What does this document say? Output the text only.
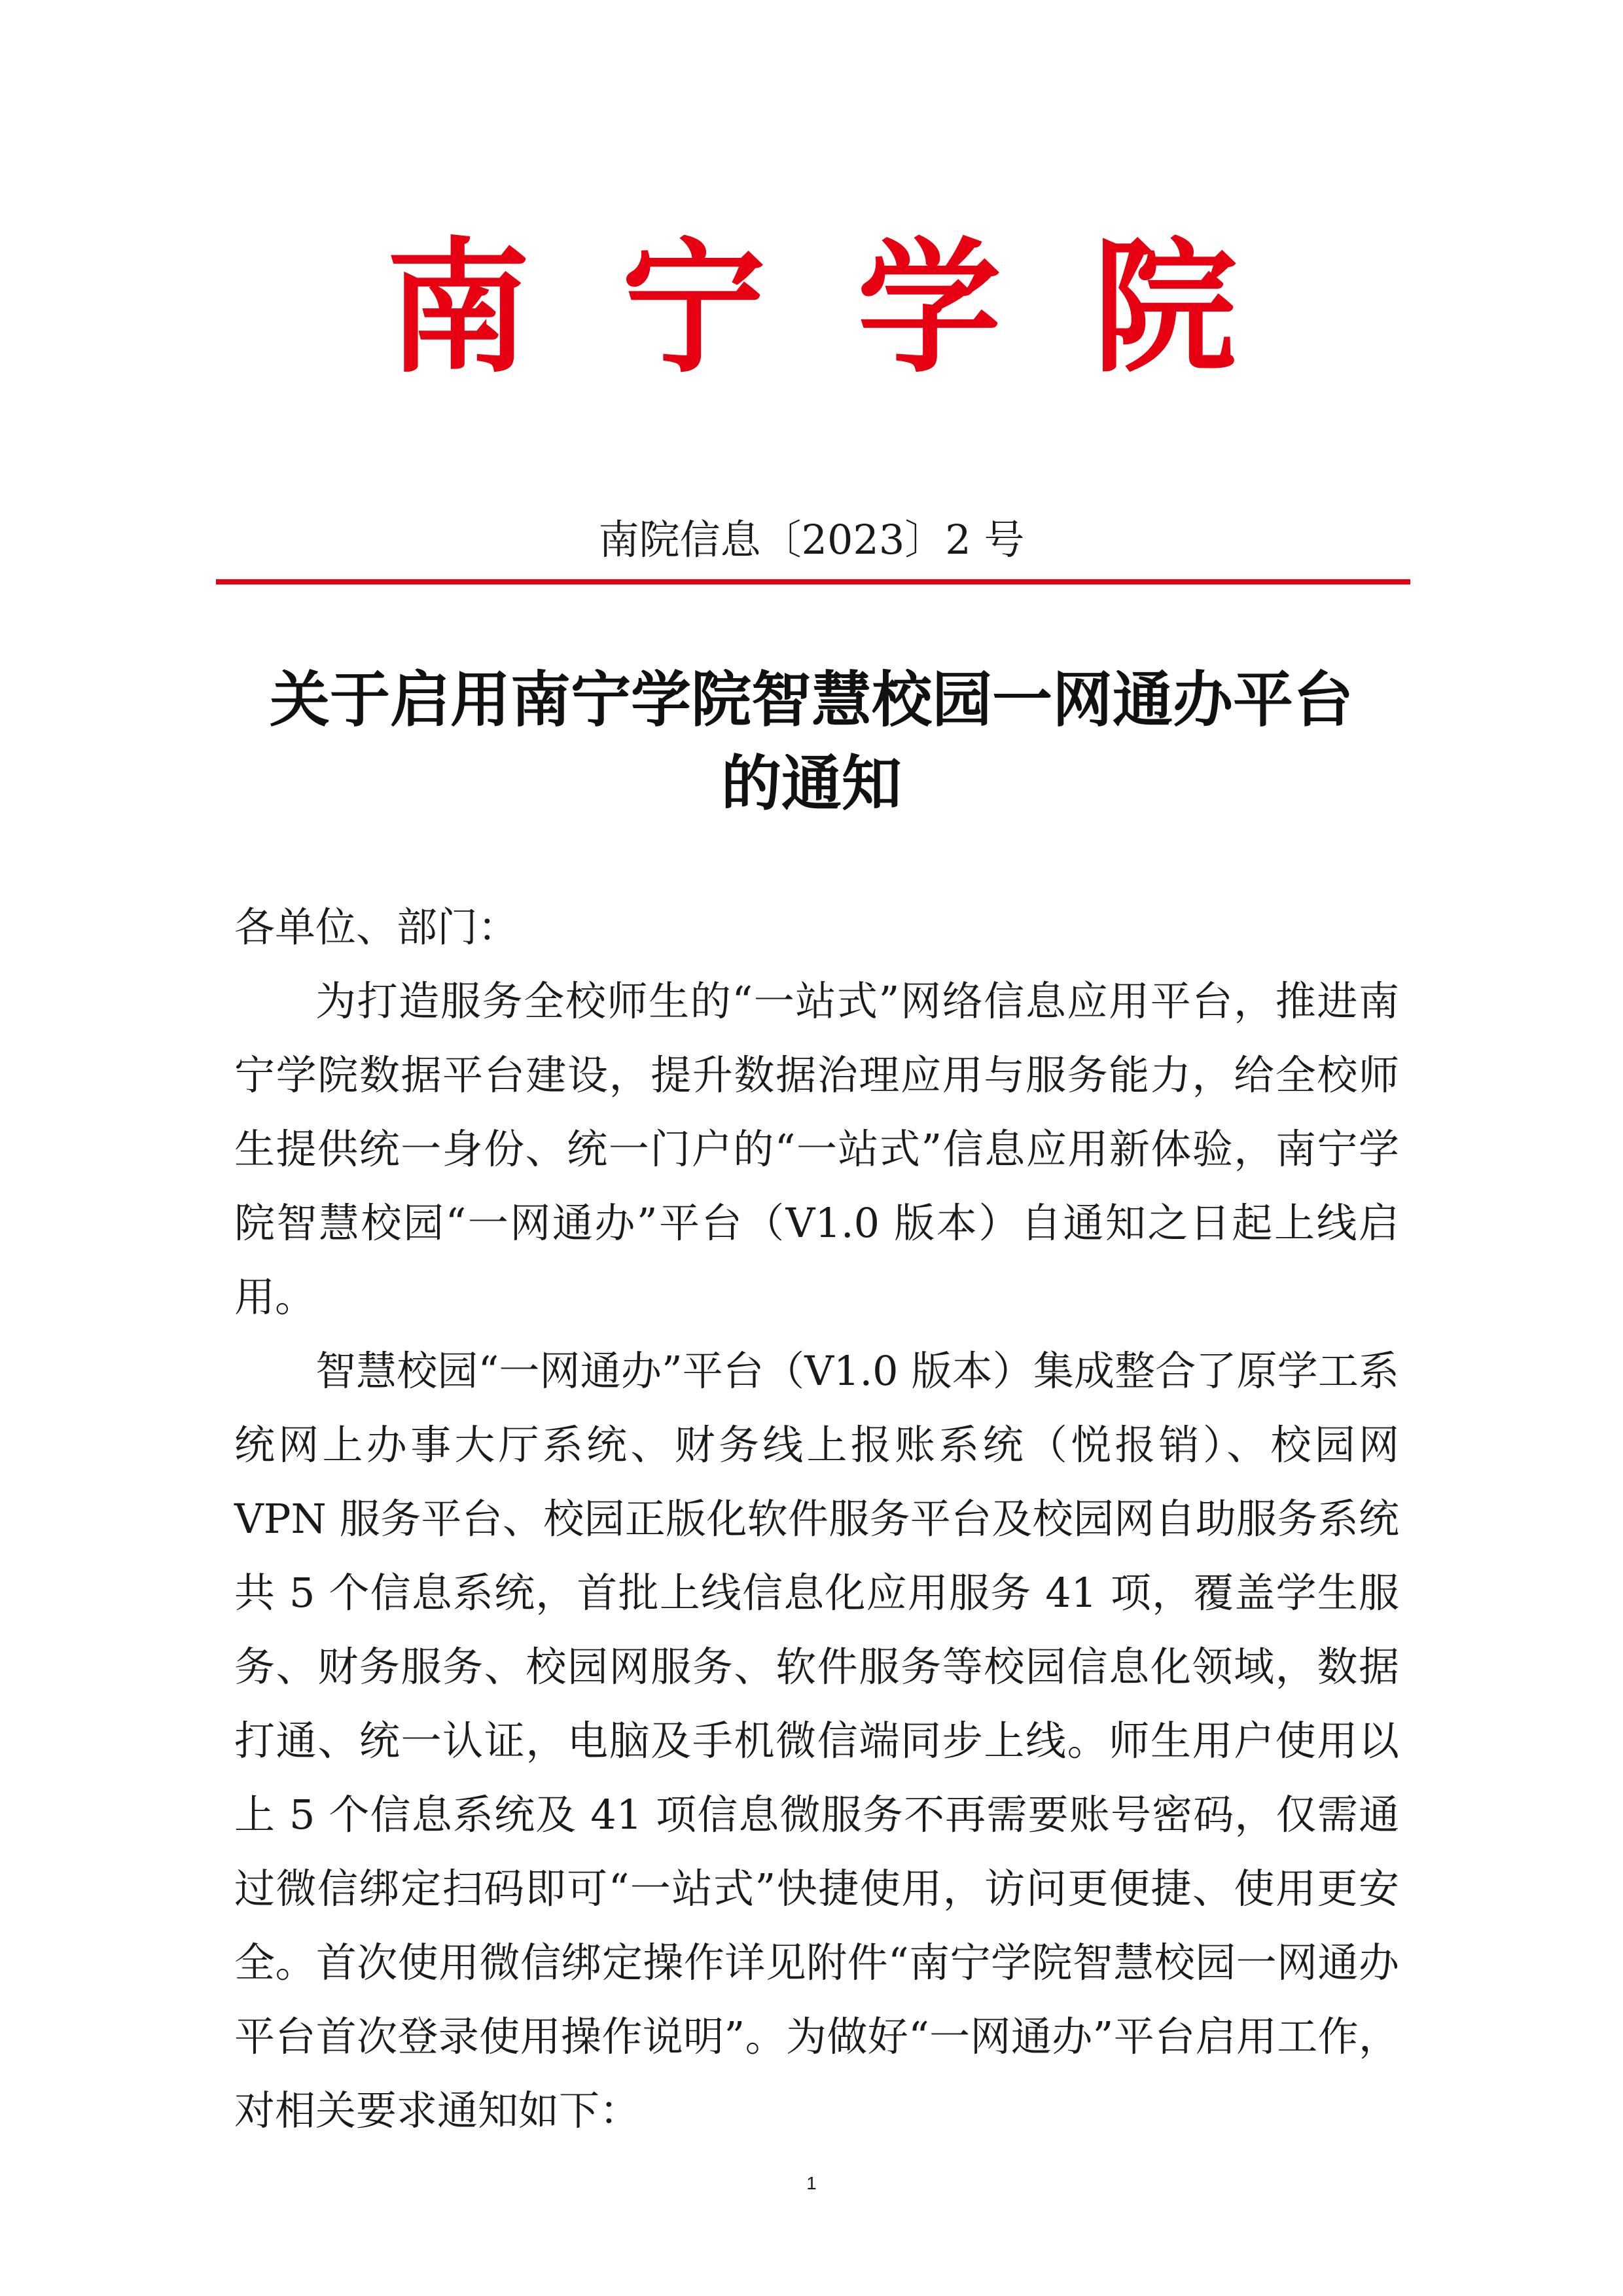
南 宁 学 院
南院信息〔2023〕2 号
关于启用南宁学院智慧校园一网通办平台
的通知

各单位、部门：

为打造服务全校师生的“一站式”网络信息应用平台，推进南宁学院数据平台建设，提升数据治理应用与服务能力，给全校师生提供统一身份、统一门户的“一站式”信息应用新体验，南宁学院智慧校园“一网通办”平台（V1.0 版本）自通知之日起上线启用。

智慧校园“一网通办”平台（V1.0 版本）集成整合了原学工系统网上办事大厅系统、财务线上报账系统（悦报销）、校园网 VPN 服务平台、校园正版化软件服务平台及校园网自助服务系统共 5 个信息系统，首批上线信息化应用服务 41 项，覆盖学生服务、财务服务、校园网服务、软件服务等校园信息化领域，数据打通、统一认证，电脑及手机微信端同步上线。师生用户使用以上 5 个信息系统及 41 项信息微服务不再需要账号密码，仅需通过微信绑定扫码即可“一站式”快捷使用，访问更便捷、使用更安全。首次使用微信绑定操作详见附件“南宁学院智慧校园一网通办平台首次登录使用操作说明”。为做好“一网通办”平台启用工作，对相关要求通知如下：

1
